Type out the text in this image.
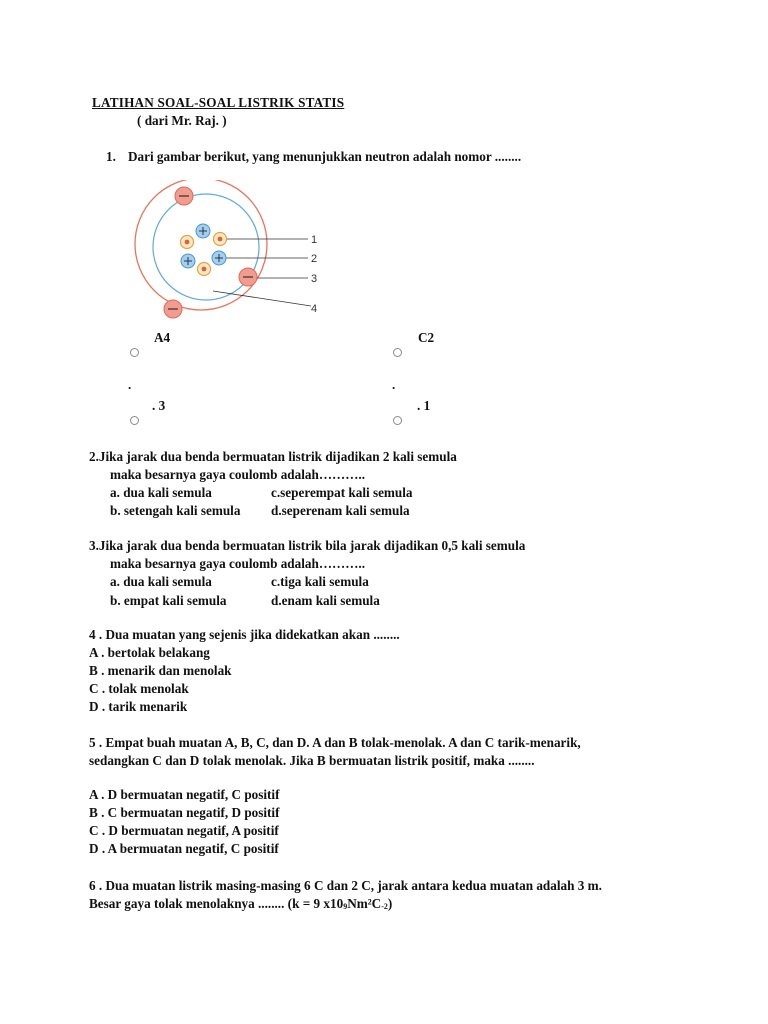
LATIHAN SOAL-SOAL LISTRIK STATIS
( dari Mr. Raj. )
1. Dari gambar berikut, yang menunjukkan neutron adalah nomor ........
1
2
3
4
A4	C2
.	.
. 3	. 1
2.Jika jarak dua benda bermuatan listrik dijadikan 2 kali semula
maka besarnya gaya coulomb adalah………..
a. dua kali semula	c.seperempat kali semula
b. setengah kali semula d.seperenam kali semula
3.Jika jarak dua benda bermuatan listrik bila jarak dijadikan 0,5 kali semula
maka besarnya gaya coulomb adalah………..
a. dua kali semula	c.tiga kali semula
b. empat kali semula	d.enam kali semula
4 . Dua muatan yang sejenis jika didekatkan akan ........
A . bertolak belakang
B . menarik dan menolak
C . tolak menolak
D . tarik menarik
5 . Empat buah muatan A, B, C, dan D. A dan B tolak-menolak. A dan C tarik-menarik,
sedangkan C dan D tolak menolak. Jika B bermuatan listrik positif, maka ........
A . D bermuatan negatif, C positif
B . C bermuatan negatif, D positif
C . D bermuatan negatif, A positif
D . A bermuatan negatif, C positif
6 . Dua muatan listrik masing-masing 6 C dan 2 C, jarak antara kedua muatan adalah 3 m.
Besar gaya tolak menolaknya ........ (k = 9 x109Nm²C-2)
